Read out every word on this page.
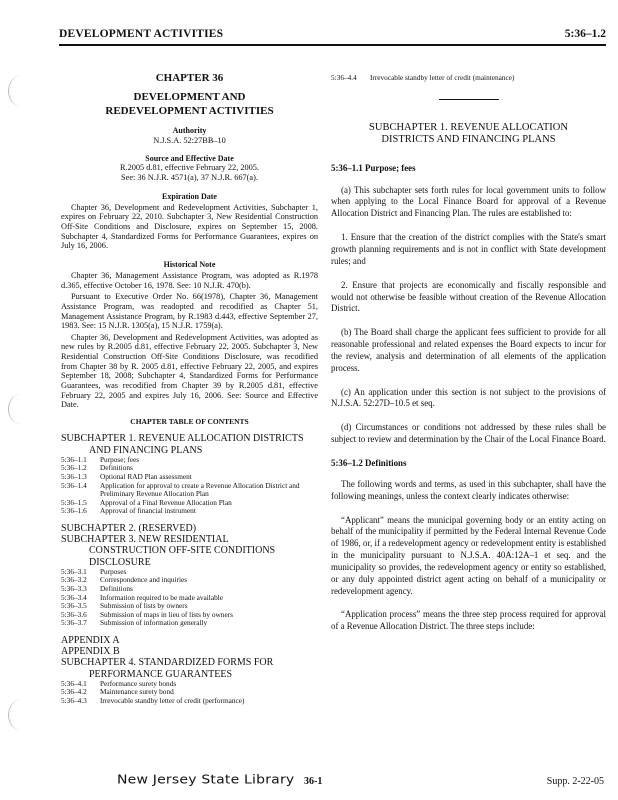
DEVELOPMENT ACTIVITIES	5:36–1.2
CHAPTER 36
DEVELOPMENT AND REDEVELOPMENT ACTIVITIES
Authority
N.J.S.A. 52:27BB–10
Source and Effective Date
R.2005 d.81, effective February 22, 2005.
See: 36 N.J.R. 4571(a), 37 N.J.R. 667(a).
Expiration Date

Chapter 36, Development and Redevelopment Activities, Subchapter 1, expires on February 22, 2010. Subchapter 3, New Residential Construction Off-Site Conditions and Disclosure, expires on September 15, 2008. Subchapter 4, Standardized Forms for Performance Guarantees, expires on July 16, 2006.

Historical Note

Chapter 36, Management Assistance Program, was adopted as R.1978 d.365, effective October 16, 1978. See: 10 N.J.R. 470(b).

Pursuant to Executive Order No. 66(1978), Chapter 36, Management Assistance Program, was readopted and recodified as Chapter 51, Management Assistance Program, by R.1983 d.443, effective September 27, 1983. See: 15 N.J.R. 1305(a), 15 N.J.R. 1759(a).

Chapter 36, Development and Redevelopment Activities, was adopted as new rules by R.2005 d.81, effective February 22, 2005. Subchapter 3, New Residential Construction Off-Site Conditions Disclosure, was recodified from Chapter 38 by R. 2005 d.81, effective February 22, 2005, and expires September 18, 2008; Subchapter 4, Standardized Forms for Performance Guarantees, was recodified from Chapter 39 by R.2005 d.81, effective February 22, 2005 and expires July 16, 2006. See: Source and Effective Date.

CHAPTER TABLE OF CONTENTS
SUBCHAPTER 1. REVENUE ALLOCATION DISTRICTS
AND FINANCING PLANS
5:36–1.1	Purpose; fees
5:36–1.2	Definitions
5:36–1.3	Optional RAD Plan assessment
5:36–1.4	Application for approval to create a Revenue Allocation District and Preliminary Revenue Allocation Plan
5:36–1.5	Approval of a Final Revenue Allocation Plan
5:36–1.6	Approval of financial instrument
SUBCHAPTER 2. (RESERVED)
SUBCHAPTER 3. NEW RESIDENTIAL
CONSTRUCTION OFF-SITE CONDITIONS
DISCLOSURE
5:36–3.1	Purposes
5:36–3.2	Correspondence and inquiries
5:36–3.3	Definitions
5:36–3.4	Information required to be made available
5:36–3.5	Submission of lists by owners
5:36–3.6	Submission of maps in lieu of lists by owners
5:36–3.7	Submission of information generally
APPENDIX A
APPENDIX B
SUBCHAPTER 4. STANDARDIZED FORMS FOR
PERFORMANCE GUARANTEES
5:36–4.1	Performance surety bonds
5:36–4.2	Maintenance surety bond
5:36–4.3	Irrevocable standby letter of credit (performance)
5:36–4.4	Irrevocable standby letter of credit (maintenance)
SUBCHAPTER 1. REVENUE ALLOCATION
DISTRICTS AND FINANCING PLANS
5:36–1.1 Purpose; fees

(a) This subchapter sets forth rules for local government units to follow when applying to the Local Finance Board for approval of a Revenue Allocation District and Financing Plan. The rules are established to:

1. Ensure that the creation of the district complies with the State's smart growth planning requirements and is not in conflict with State development rules; and

2. Ensure that projects are economically and fiscally responsible and would not otherwise be feasible without creation of the Revenue Allocation District.

(b) The Board shall charge the applicant fees sufficient to provide for all reasonable professional and related expenses the Board expects to incur for the review, analysis and determination of all elements of the application process.

(c) An application under this section is not subject to the provisions of N.J.S.A. 52:27D–10.5 et seq.

(d) Circumstances or conditions not addressed by these rules shall be subject to review and determination by the Chair of the Local Finance Board.

5:36–1.2 Definitions

The following words and terms, as used in this subchapter, shall have the following meanings, unless the context clearly indicates otherwise:

“Applicant” means the municipal governing body or an entity acting on behalf of the municipality if permitted by the Federal Internal Revenue Code of 1986, or, if a redevelopment agency or redevelopment entity is established in the municipality pursuant to N.J.S.A. 40A:12A–1 et seq. and the municipality so provides, the redevelopment agency or entity so established, or any duly appointed district agent acting on behalf of a municipality or redevelopment agency.

“Application process” means the three step process required for approval of a Revenue Allocation District. The three steps include:

New Jersey State Library 36-1	Supp. 2-22-05
